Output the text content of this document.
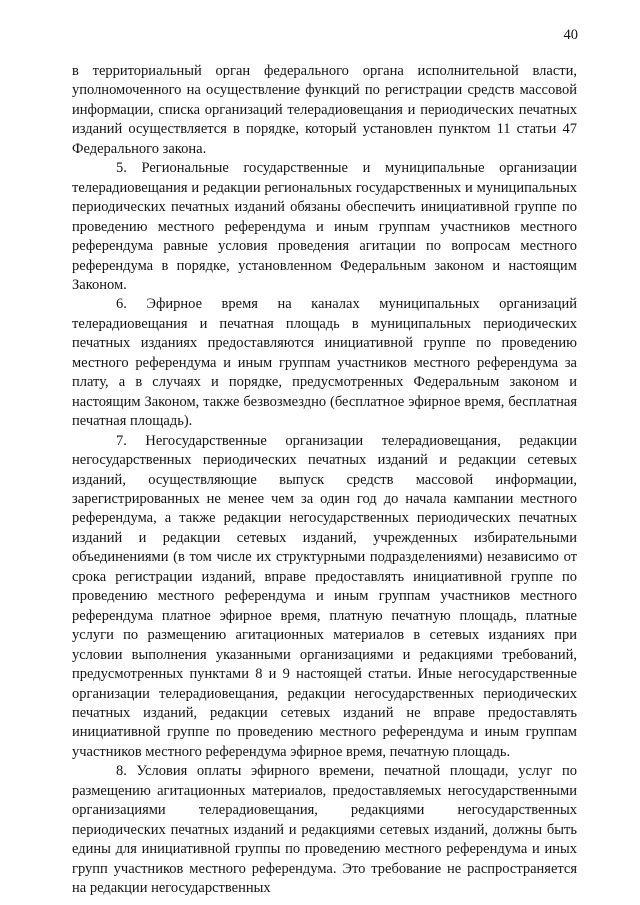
40

в территориальный орган федерального органа исполнительной власти, уполномоченного на осуществление функций по регистрации средств массовой информации, списка организаций телерадиовещания и периодических печатных изданий осуществляется в порядке, который установлен пунктом 11 статьи 47 Федерального закона.

5. Региональные государственные и муниципальные организации телерадиовещания и редакции региональных государственных и муниципальных периодических печатных изданий обязаны обеспечить инициативной группе по проведению местного референдума и иным группам участников местного референдума равные условия проведения агитации по вопросам местного референдума в порядке, установленном Федеральным законом и настоящим Законом.

6. Эфирное время на каналах муниципальных организаций телерадиовещания и печатная площадь в муниципальных периодических печатных изданиях предоставляются инициативной группе по проведению местного референдума и иным группам участников местного референдума за плату, а в случаях и порядке, предусмотренных Федеральным законом и настоящим Законом, также безвозмездно (бесплатное эфирное время, бесплатная печатная площадь).

7. Негосударственные организации телерадиовещания, редакции негосударственных периодических печатных изданий и редакции сетевых изданий, осуществляющие выпуск средств массовой информации, зарегистрированных не менее чем за один год до начала кампании местного референдума, а также редакции негосударственных периодических печатных изданий и редакции сетевых изданий, учрежденных избирательными объединениями (в том числе их структурными подразделениями) независимо от срока регистрации изданий, вправе предоставлять инициативной группе по проведению местного референдума и иным группам участников местного референдума платное эфирное время, платную печатную площадь, платные услуги по размещению агитационных материалов в сетевых изданиях при условии выполнения указанными организациями и редакциями требований, предусмотренных пунктами 8 и 9 настоящей статьи. Иные негосударственные организации телерадиовещания, редакции негосударственных периодических печатных изданий, редакции сетевых изданий не вправе предоставлять инициативной группе по проведению местного референдума и иным группам участников местного референдума эфирное время, печатную площадь.

8. Условия оплаты эфирного времени, печатной площади, услуг по размещению агитационных материалов, предоставляемых негосударственными организациями телерадиовещания, редакциями негосударственных периодических печатных изданий и редакциями сетевых изданий, должны быть едины для инициативной группы по проведению местного референдума и иных групп участников местного референдума. Это требование не распространяется на редакции негосударственных
